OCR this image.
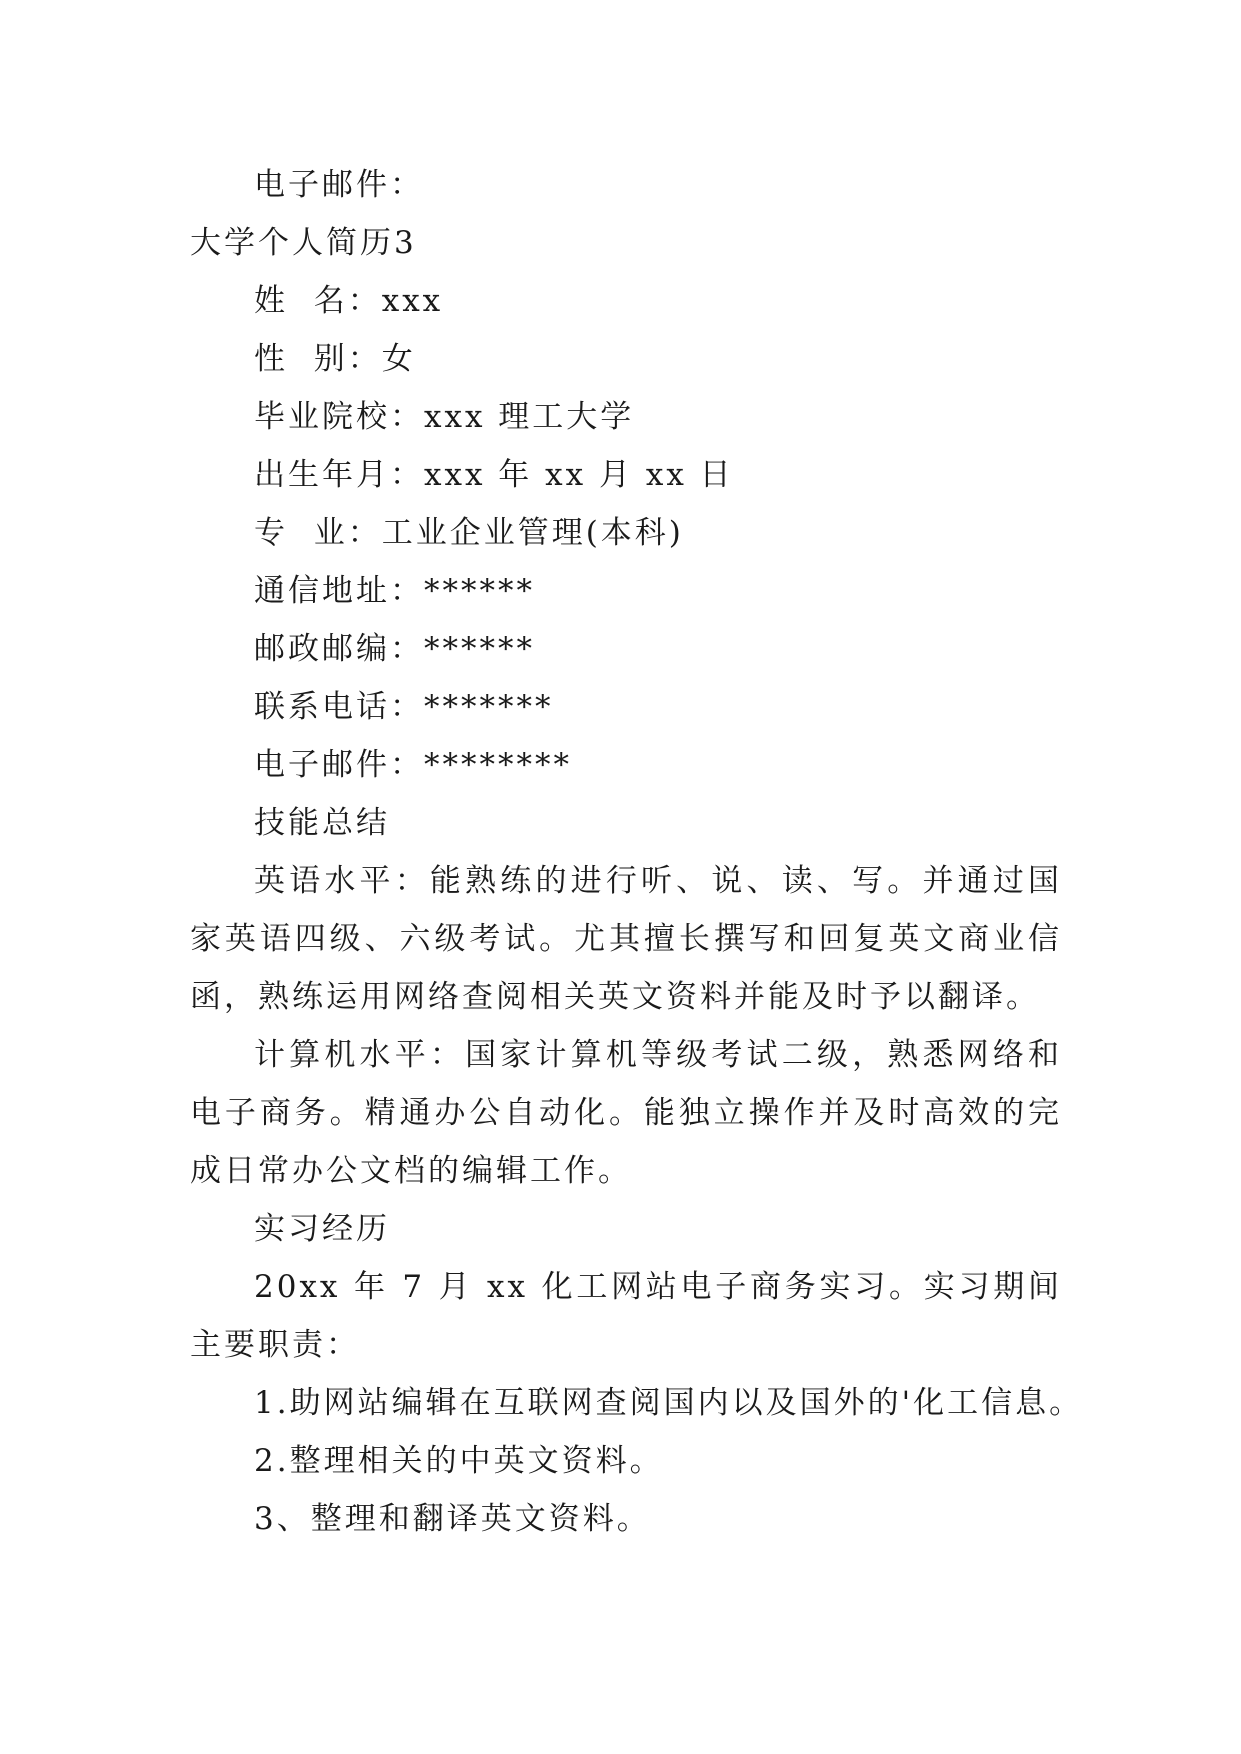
电子邮件：
大学个人简历3
姓  名：xxx
性  别：女
毕业院校：xxx 理工大学
出生年月：xxx 年 xx 月 xx 日
专  业：工业企业管理(本科)
通信地址：******
邮政邮编：******
联系电话：*******
电子邮件：********
技能总结
英语水平：能熟练的进行听、说、读、写。并通过国家英语四级、六级考试。尤其擅长撰写和回复英文商业信函，熟练运用网络查阅相关英文资料并能及时予以翻译。
计算机水平：国家计算机等级考试二级，熟悉网络和电子商务。精通办公自动化。能独立操作并及时高效的完成日常办公文档的编辑工作。
实习经历
20xx 年 7 月 xx 化工网站电子商务实习。实习期间主要职责：
1.助网站编辑在互联网查阅国内以及国外的'化工信息。
2.整理相关的中英文资料。
3、整理和翻译英文资料。
